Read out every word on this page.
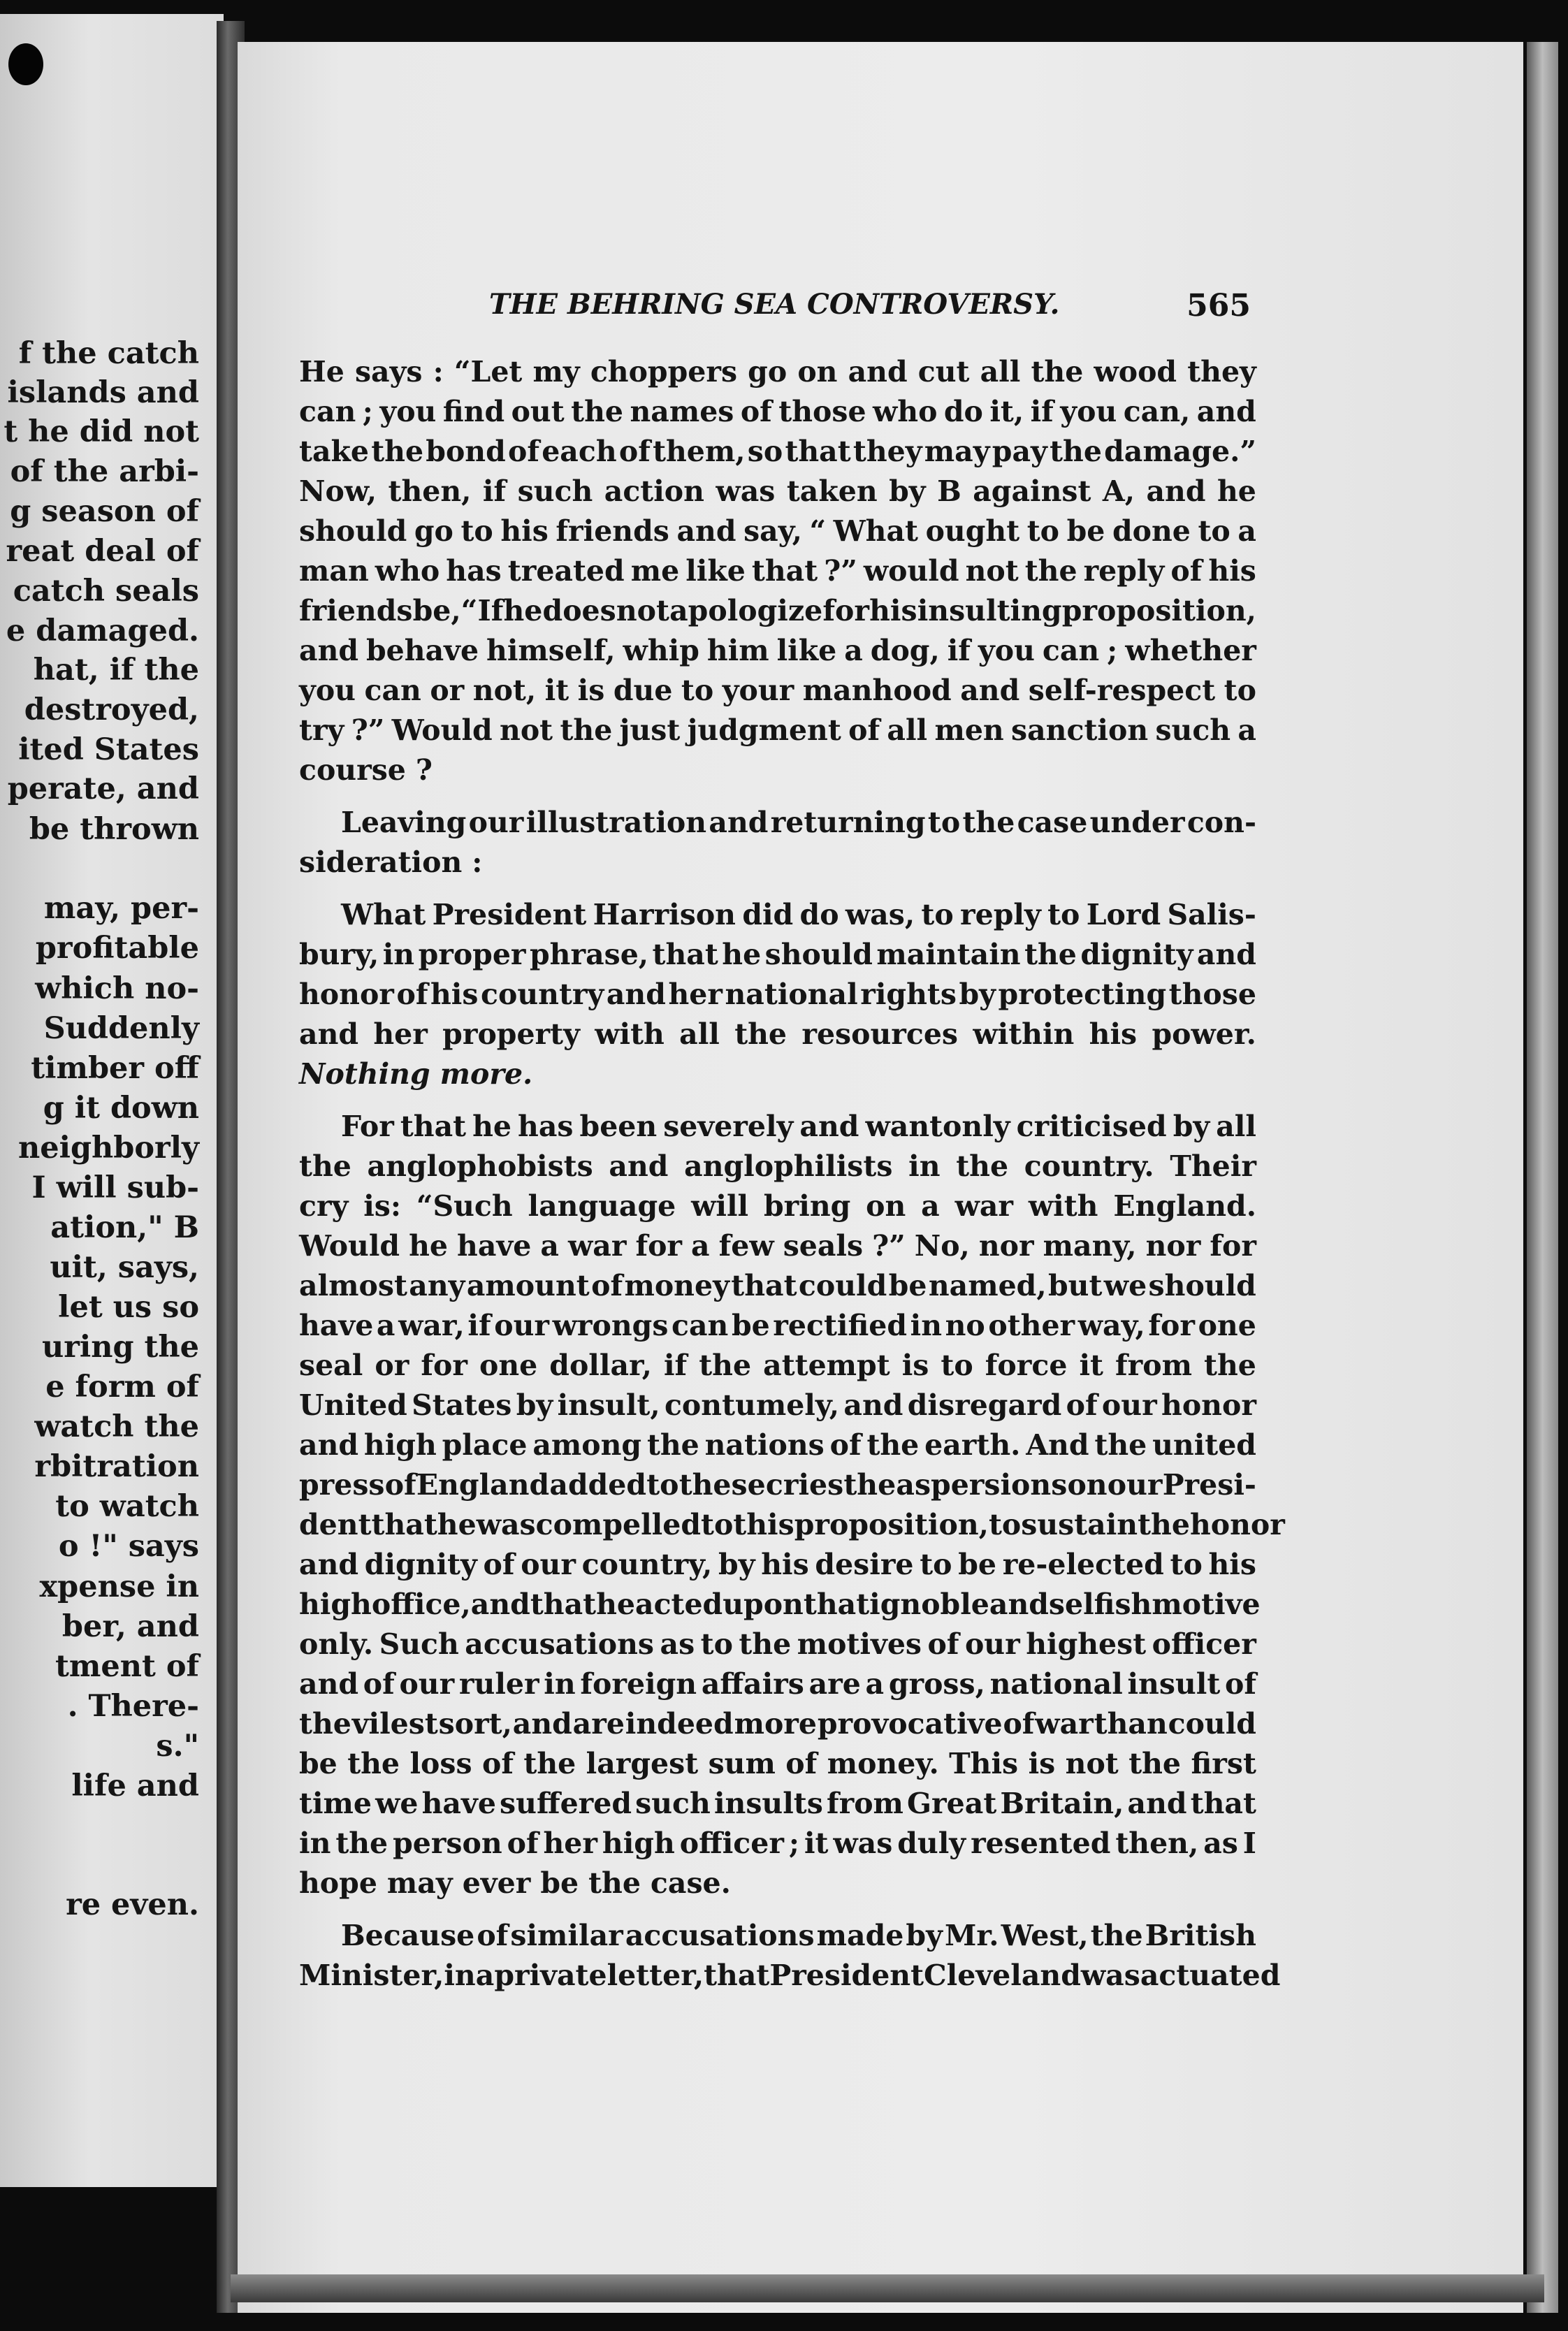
f the catch
islands and
t he did not
of the arbi-
g season of
reat deal of
catch seals
e damaged.
hat, if the
destroyed,
ited States
perate, and
be thrown
may, per-
profitable
which no-
Suddenly
timber off
g it down
neighborly
I will sub-
ation," B
uit, says,
let us so
uring the
e form of
watch the
rbitration
to watch
o !" says
xpense in
ber, and
tment of
. There-
s."
life and
re even.
THE BEHRING SEA CONTROVERSY.	565
He says : “Let my choppers go on and cut all the wood they
can ; you find out the names of those who do it, if you can, and
take the bond of each of them, so that they may pay the damage.”
Now, then, if such action was taken by B against A, and he
should go to his friends and say, “ What ought to be done to a
man who has treated me like that ?” would not the reply of his
friends be, “ If he does not apologize for his insulting proposition,
and behave himself, whip him like a dog, if you can ; whether
you can or not, it is due to your manhood and self-respect to
try ?” Would not the just judgment of all men sanction such a
course ?
Leaving our illustration and returning to the case under con-
sideration :
What President Harrison did do was, to reply to Lord Salis-
bury, in proper phrase, that he should maintain the dignity and
honor of his country and her national rights by protecting those
and her property with all the resources within his power.
Nothing more.
For that he has been severely and wantonly criticised by all
the anglophobists and anglophilists in the country. Their
cry is: “Such language will bring on a war with England.
Would he have a war for a few seals ?” No, nor many, nor for
almost any amount of money that could be named, but we should
have a war, if our wrongs can be rectified in no other way, for one
seal or for one dollar, if the attempt is to force it from the
United States by insult, contumely, and disregard of our honor
and high place among the nations of the earth. And the united
press of England added to these cries the aspersions on our Presi-
dent that he was compelled to this proposition, to sustain the honor
and dignity of our country, by his desire to be re-elected to his
high office, and that he acted upon that ignoble and selfish motive
only. Such accusations as to the motives of our highest officer
and of our ruler in foreign affairs are a gross, national insult of
the vilest sort, and are indeed more provocative of war than could
be the loss of the largest sum of money. This is not the first
time we have suffered such insults from Great Britain, and that
in the person of her high officer ; it was duly resented then, as I
hope may ever be the case.
Because of similar accusations made by Mr. West, the British
Minister, in a private letter, that President Cleveland was actuated
